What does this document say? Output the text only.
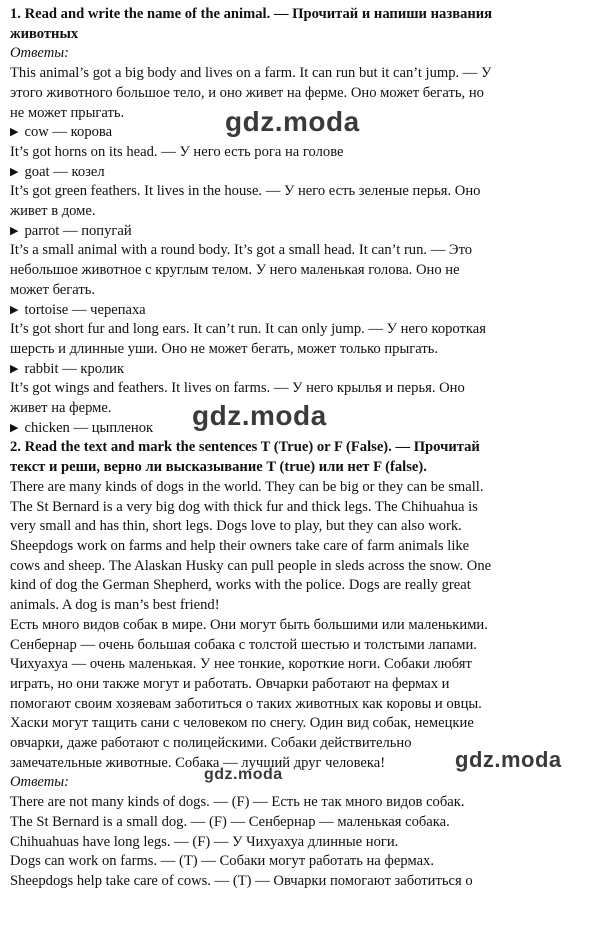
1. Read and write the name of the animal. — Прочитай и напиши названия
животных
Ответы:
This animal’s got a big body and lives on a farm. It can run but it can’t jump. — У
этого животного большое тело, и оно живет на ферме. Оно может бегать, но
не может прыгать.
▶ cow — корова
It’s got horns on its head. — У него есть рога на голове
▶ goat — козел
It’s got green feathers. It lives in the house. — У него есть зеленые перья. Оно
живет в доме.
▶ parrot — попугай
It’s a small animal with a round body. It’s got a small head. It can’t run. — Это
небольшое животное с круглым телом. У него маленькая голова. Оно не
может бегать.
▶ tortoise — черепаха
It’s got short fur and long ears. It can’t run. It can only jump. — У него короткая
шерсть и длинные уши. Оно не может бегать, может только прыгать.
▶ rabbit — кролик
It’s got wings and feathers. It lives on farms. — У него крылья и перья. Оно
живет на ферме.
▶ chicken — цыпленок
2. Read the text and mark the sentences T (True) or F (False). — Прочитай
текст и реши, верно ли высказывание T (true) или нет F (false).
There are many kinds of dogs in the world. They can be big or they can be small.
The St Bernard is a very big dog with thick fur and thick legs. The Chihuahua is
very small and has thin, short legs. Dogs love to play, but they can also work.
Sheepdogs work on farms and help their owners take care of farm animals like
cows and sheep. The Alaskan Husky can pull people in sleds across the snow. One
kind of dog the German Shepherd, works with the police. Dogs are really great
animals. A dog is man’s best friend!
Есть много видов собак в мире. Они могут быть большими или маленькими.
Сенбернар — очень большая собака с толстой шестью и толстыми лапами.
Чихуахуа — очень маленькая. У нее тонкие, короткие ноги. Собаки любят
играть, но они также могут и работать. Овчарки работают на фермах и
помогают своим хозяевам заботиться о таких животных как коровы и овцы.
Хаски могут тащить сани с человеком по снегу. Один вид собак, немецкие
овчарки, даже работают с полицейскими. Собаки действительно
замечательные животные. Собака — лучший друг человека!
Ответы:
There are not many kinds of dogs. — (F) — Есть не так много видов собак.
The St Bernard is a small dog. — (F) — Сенбернар — маленькая собака.
Chihuahuas have long legs. — (F) — У Чихуахуа длинные ноги.
Dogs can work on farms. — (T) — Собаки могут работать на фермах.
Sheepdogs help take care of cows. — (T) — Овчарки помогают заботиться о
gdz.moda
gdz.moda
gdz.moda
gdz.moda
